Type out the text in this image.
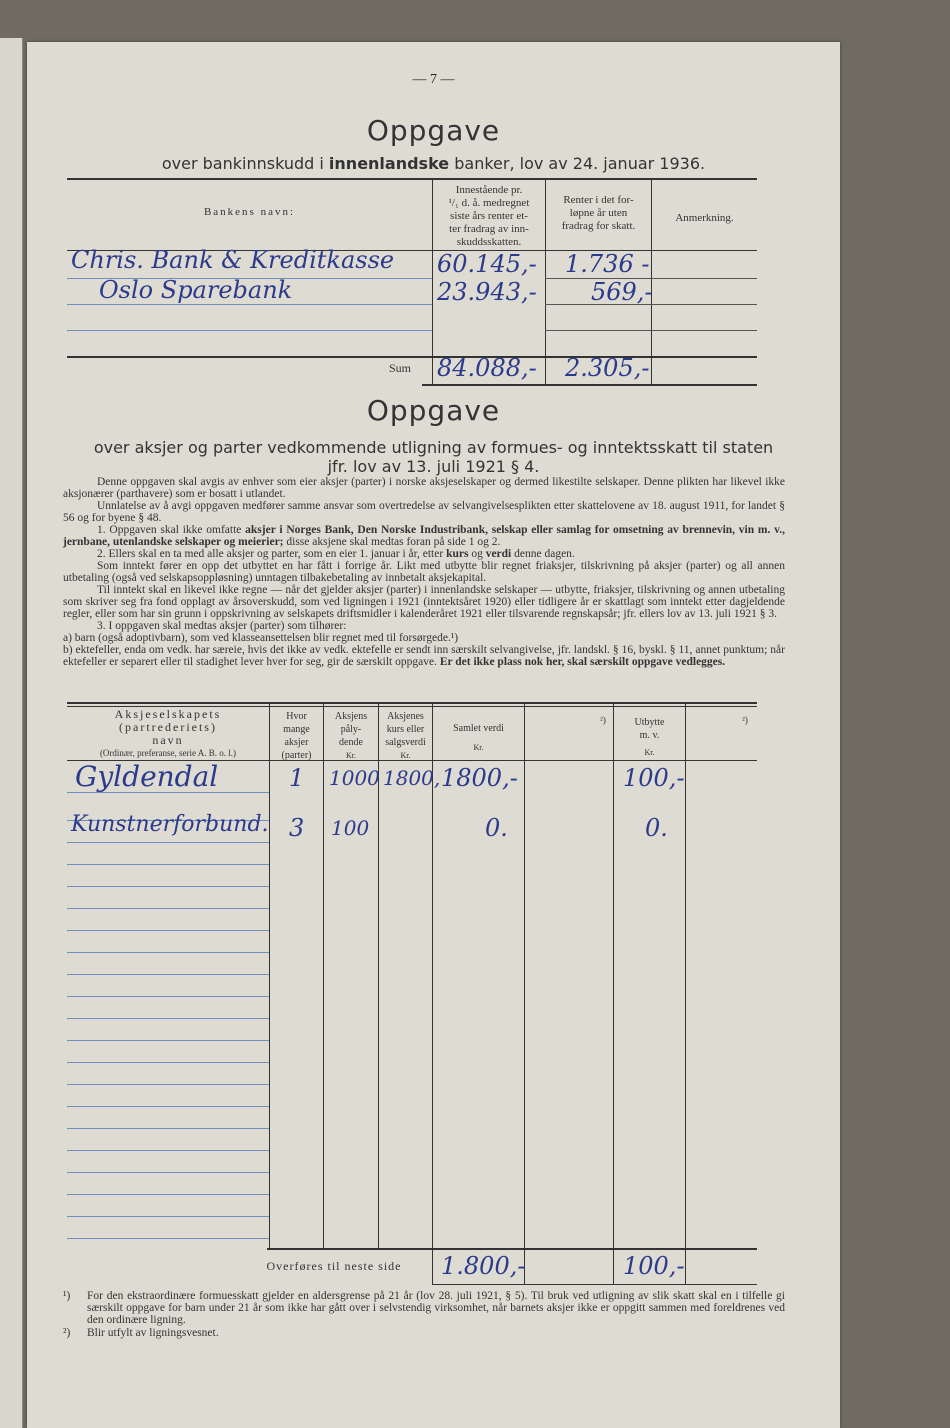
— 7 —
Oppgave
over bankinnskudd i innenlandske banker, lov av 24. januar 1936.
Bankens navn:
Innestående pr.
¹/₁ d. å. medregnet
siste års renter et-
ter fradrag av inn-
skuddsskatten.
Renter i det for-
løpne år uten
fradrag for skatt.
Anmerkning.
Chris. Bank & Kreditkasse 60.145,- 1.736 -
Oslo Sparebank	23.943,- 569,-
Sum	84.088,- 2.305,-
Oppgave
over aksjer og parter vedkommende utligning av formues- og inntektsskatt til staten
jfr. lov av 13. juli 1921 § 4.

Denne oppgaven skal avgis av enhver som eier aksjer (parter) i norske aksjeselskaper og dermed likestilte selskaper. Denne plikten har likevel ikke aksjonærer (parthavere) som er bosatt i utlandet.

Unnlatelse av å avgi oppgaven medfører samme ansvar som overtredelse av selvangivelsesplikten etter skattelovene av 18. august 1911, for landet § 56 og for byene § 48.

1. Oppgaven skal ikke omfatte aksjer i Norges Bank, Den Norske Industribank, selskap eller samlag for omsetning av brennevin, vin m. v., jernbane, utenlandske selskaper og meierier; disse aksjene skal medtas foran på side 1 og 2.

2. Ellers skal en ta med alle aksjer og parter, som en eier 1. januar i år, etter kurs og verdi denne dagen.

Som inntekt fører en opp det utbyttet en har fått i forrige år. Likt med utbytte blir regnet friaksjer, tilskrivning på aksjer (parter) og all annen utbetaling (også ved selskapsoppløsning) unntagen tilbakebetaling av innbetalt aksjekapital.

Til inntekt skal en likevel ikke regne — når det gjelder aksjer (parter) i innenlandske selskaper — utbytte, friaksjer, tilskrivning og annen utbetaling som skriver seg fra fond opplagt av årsoverskudd, som ved ligningen i 1921 (inntektsåret 1920) eller tidligere år er skattlagt som inntekt etter dagjeldende regler, eller som har sin grunn i oppskrivning av selskapets driftsmidler i kalenderåret 1921 eller tilsvarende regnskapsår; jfr. ellers lov av 13. juli 1921 § 3.

3. I oppgaven skal medtas aksjer (parter) som tilhører:

a) barn (også adoptivbarn), som ved klasseansettelsen blir regnet med til forsørgede.¹)

b) ektefeller, enda om vedk. har særeie, hvis det ikke av vedk. ektefelle er sendt inn særskilt selvangivelse, jfr. landskl. § 16, byskl. § 11, annet punktum; når ektefeller er separert eller til stadighet lever hver for seg, gir de særskilt oppgave. Er det ikke plass nok her, skal særskilt oppgave vedlegges.

Aksjeselskapets
(partrederiets)
navn
(Ordinær, preferanse, serie A. B. o. l.)
Hvor
mange
aksjer
(parter)
Aksjens
påly-
dende
Kr.
Aksjenes
kurs eller
salgsverdi
Kr.
Samlet verdi
Kr.
²)	Utbytte
m. v.
Kr.
²)
Gyldendal	1 1000 1800, 1800,-	100,-
Kunstnerforbund. 3 100	0.	0.
Overføres til neste side	1.800,-	100,-
¹)	For den ekstraordinære formuesskatt gjelder en aldersgrense på 21 år (lov 28. juli 1921, § 5). Til bruk ved utligning av slik skatt skal en i tilfelle gi særskilt oppgave for barn under 21 år som ikke har gått over i selvstendig virksomhet, når barnets aksjer ikke er oppgitt sammen med foreldrenes ved den ordinære ligning.

²)	Blir utfylt av ligningsvesnet.
